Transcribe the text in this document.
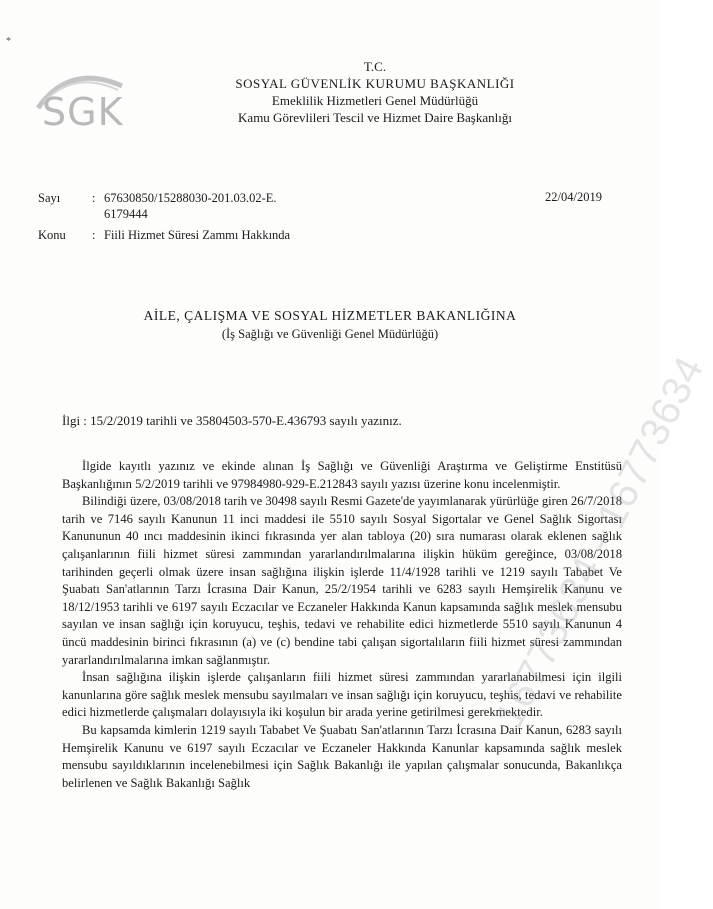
*
SGK
T.C.
SOSYAL GÜVENLİK KURUMU BAŞKANLIĞI
Emeklilik Hizmetleri Genel Müdürlüğü
Kamu Görevlileri Tescil ve Hizmet Daire Başkanlığı
Sayı	: 67630850/15288030-201.03.02-E.
6179444
22/04/2019
Konu : Fiili Hizmet Süresi Zammı Hakkında
AİLE, ÇALIŞMA VE SOSYAL HİZMETLER BAKANLIĞINA
(İş Sağlığı ve Güvenliği Genel Müdürlüğü)
İlgi : 15/2/2019 tarihli ve 35804503-570-E.436793 sayılı yazınız.

İlgide kayıtlı yazınız ve ekinde alınan İş Sağlığı ve Güvenliği Araştırma ve Geliştirme Enstitüsü Başkanlığının 5/2/2019 tarihli ve 97984980-929-E.212843 sayılı yazısı üzerine konu incelenmiştir.

Bilindiği üzere, 03/08/2018 tarih ve 30498 sayılı Resmi Gazete'de yayımlanarak yürürlüğe giren 26/7/2018 tarih ve 7146 sayılı Kanunun 11 inci maddesi ile 5510 sayılı Sosyal Sigortalar ve Genel Sağlık Sigortası Kanununun 40 ıncı maddesinin ikinci fıkrasında yer alan tabloya (20) sıra numarası olarak eklenen sağlık çalışanlarının fiili hizmet süresi zammından yararlandırılmalarına ilişkin hüküm gereğince, 03/08/2018 tarihinden geçerli olmak üzere insan sağlığına ilişkin işlerde 11/4/1928 tarihli ve 1219 sayılı Tababet Ve Şuabatı San'atlarının Tarzı İcrasına Dair Kanun, 25/2/1954 tarihli ve 6283 sayılı Hemşirelik Kanunu ve 18/12/1953 tarihli ve 6197 sayılı Eczacılar ve Eczaneler Hakkında Kanun kapsamında sağlık meslek mensubu sayılan ve insan sağlığı için koruyucu, teşhis, tedavi ve rehabilite edici hizmetlerde 5510 sayılı Kanunun 4 üncü maddesinin birinci fıkrasının (a) ve (c) bendine tabi çalışan sigortalıların fiili hizmet süresi zammından yararlandırılmalarına imkan sağlanmıştır.

İnsan sağlığına ilişkin işlerde çalışanların fiili hizmet süresi zammından yararlanabilmesi için ilgili kanunlarına göre sağlık meslek mensubu sayılmaları ve insan sağlığı için koruyucu, teşhis, tedavi ve rehabilite edici hizmetlerde çalışmaları dolayısıyla iki koşulun bir arada yerine getirilmesi gerekmektedir.

Bu kapsamda kimlerin 1219 sayılı Tababet Ve Şuabatı San'atlarının Tarzı İcrasına Dair Kanun, 6283 sayılı Hemşirelik Kanunu ve 6197 sayılı Eczacılar ve Eczaneler Hakkında Kanunlar kapsamında sağlık meslek mensubu sayıldıklarının incelenebilmesi için Sağlık Bakanlığı ile yapılan çalışmalar sonucunda, Bakanlıkça belirlenen ve Sağlık Bakanlığı Sağlık

16773634 - 16773634
